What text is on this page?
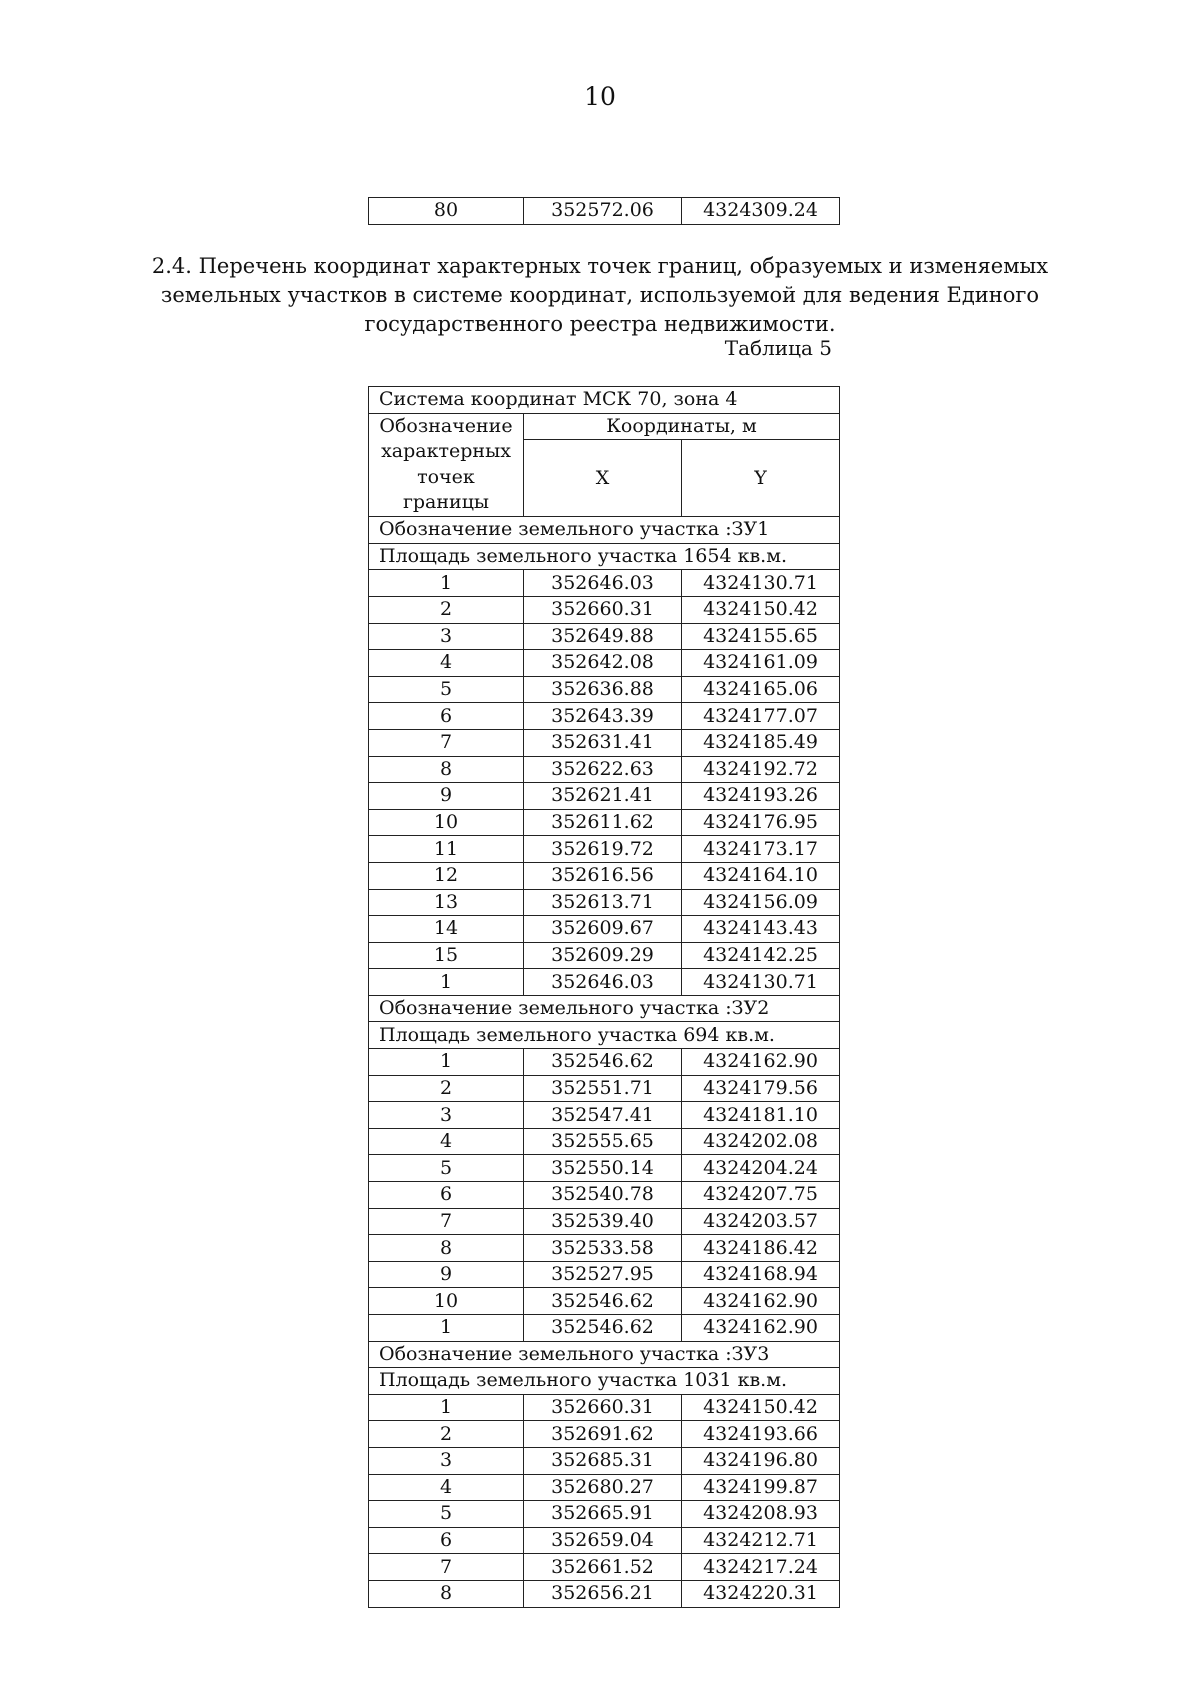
10
80	352572.06	4324309.24
2.4. Перечень координат характерных точек границ, образуемых и изменяемых земельных участков в системе координат, используемой для ведения Единого государственного реестра недвижимости.
Таблица 5
Система координат МСК 70, зона 4		

Обозначение
характерных
точек
границы	Координаты, м	
	X	Y
Обозначение земельного участка :ЗУ1		
Площадь земельного участка 1654 кв.м.		
1	352646.03	4324130.71
2	352660.31	4324150.42
3	352649.88	4324155.65
4	352642.08	4324161.09
5	352636.88	4324165.06
6	352643.39	4324177.07
7	352631.41	4324185.49
8	352622.63	4324192.72
9	352621.41	4324193.26
10	352611.62	4324176.95
11	352619.72	4324173.17
12	352616.56	4324164.10
13	352613.71	4324156.09
14	352609.67	4324143.43
15	352609.29	4324142.25
1	352646.03	4324130.71
Обозначение земельного участка :ЗУ2		
Площадь земельного участка 694 кв.м.		
1	352546.62	4324162.90
2	352551.71	4324179.56
3	352547.41	4324181.10
4	352555.65	4324202.08
5	352550.14	4324204.24
6	352540.78	4324207.75
7	352539.40	4324203.57
8	352533.58	4324186.42
9	352527.95	4324168.94
10	352546.62	4324162.90
1	352546.62	4324162.90
Обозначение земельного участка :ЗУ3		
Площадь земельного участка 1031 кв.м.		
1	352660.31	4324150.42
2	352691.62	4324193.66
3	352685.31	4324196.80
4	352680.27	4324199.87
5	352665.91	4324208.93
6	352659.04	4324212.71
7	352661.52	4324217.24
8	352656.21	4324220.31
